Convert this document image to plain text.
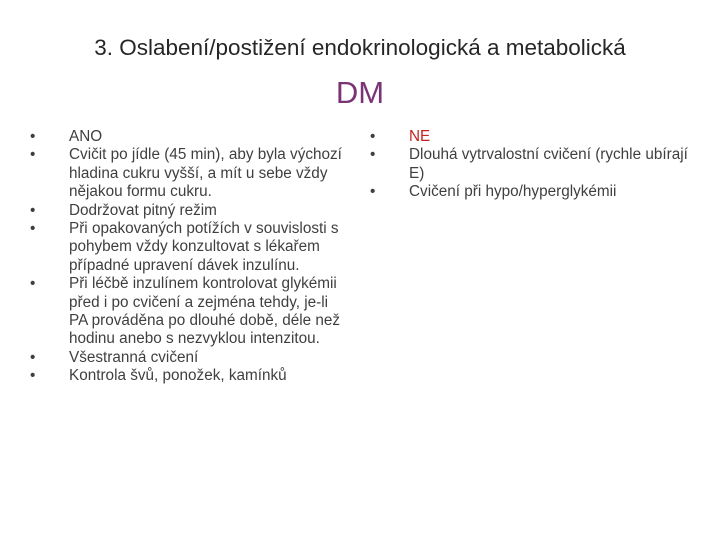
3. Oslabení/postižení endokrinologická a metabolická
DM
•	ANO
•	Cvičit po jídle (45 min), aby byla výchozí hladina cukru vyšší, a mít u sebe vždy nějakou formu cukru.
•	Dodržovat pitný režim
•	Při opakovaných potížích v souvislosti s pohybem vždy konzultovat s lékařem případné upravení dávek inzulínu.
•	Při léčbě inzulínem kontrolovat glykémii před i po cvičení a zejména tehdy, je-li PA prováděna po dlouhé době, déle než hodinu anebo s nezvyklou intenzitou.
•	Všestranná cvičení
•	Kontrola švů, ponožek, kamínků
•	NE
•	Dlouhá vytrvalostní cvičení (rychle ubírají E)
•	Cvičení při hypo/hyperglykémii
